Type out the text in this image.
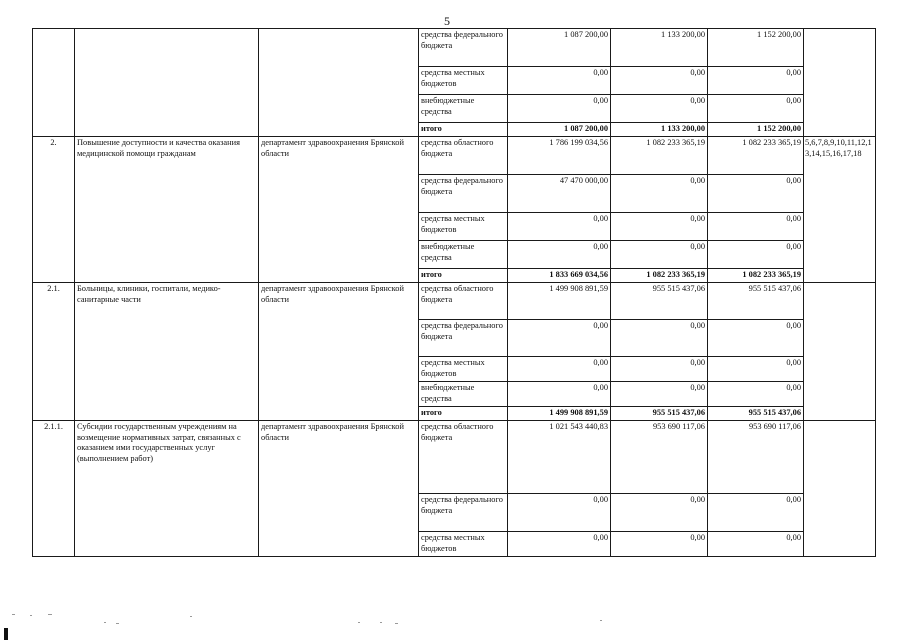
5
			средства федерального бюджета	1 087 200,00	1 133 200,00	1 152 200,00	
			средства местных бюджетов	0,00	0,00	0,00	
			внебюджетные средства	0,00	0,00	0,00	
			итого	1 087 200,00	1 133 200,00	1 152 200,00	
2.	Повышение доступности и качества оказания медицинской помощи гражданам	департамент здравоохранения Брянской области	средства областного бюджета	1 786 199 034,56	1 082 233 365,19	1 082 233 365,19	5,6,7,8,9,10,11,12,13,14,15,16,17,18
			средства федерального бюджета	47 470 000,00	0,00	0,00	
			средства местных бюджетов	0,00	0,00	0,00	
			внебюджетные средства	0,00	0,00	0,00	
			итого	1 833 669 034,56	1 082 233 365,19	1 082 233 365,19	
2.1.	Больницы, клиники, госпитали, медико-санитарные части	департамент здравоохранения Брянской области	средства областного бюджета	1 499 908 891,59	955 515 437,06	955 515 437,06	
			средства федерального бюджета	0,00	0,00	0,00	
			средства местных бюджетов	0,00	0,00	0,00	
			внебюджетные средства	0,00	0,00	0,00	
			итого	1 499 908 891,59	955 515 437,06	955 515 437,06	
2.1.1.	Субсидии государственным учреждениям на возмещение нормативных затрат, связанных с оказанием ими государственных услуг (выполнением работ)	департамент здравоохранения Брянской области	средства областного бюджета	1 021 543 440,83	953 690 117,06	953 690 117,06	
			средства федерального бюджета	0,00	0,00	0,00	
			средства местных бюджетов	0,00	0,00	0,00	
